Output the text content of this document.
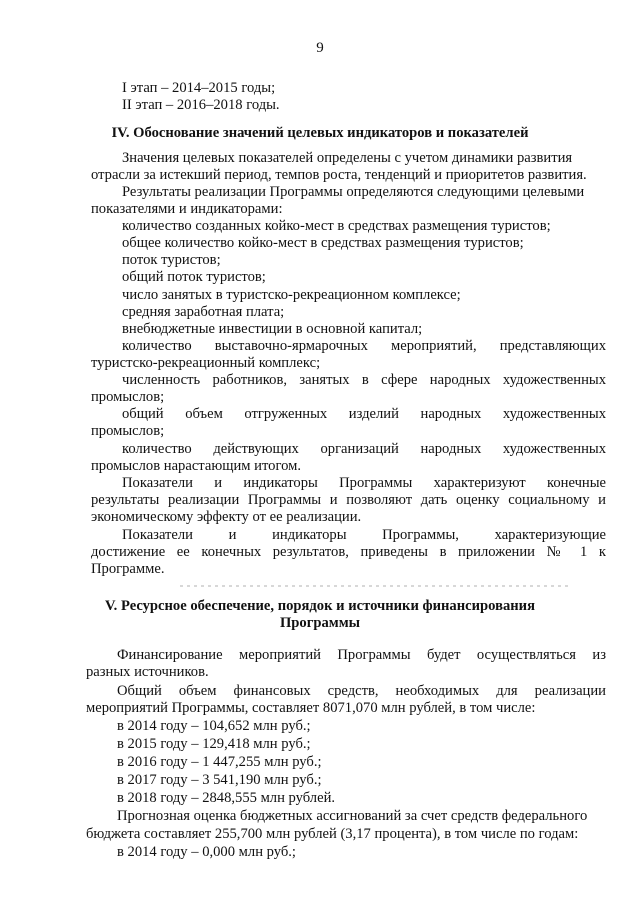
9
I этап – 2014–2015 годы;
II этап – 2016–2018 годы.
IV. Обоснование значений целевых индикаторов и показателей
Значения целевых показателей определены с учетом динамики развития
отрасли за истекший период, темпов роста, тенденций и приоритетов развития.
Результаты реализации Программы определяются следующими целевыми
показателями и индикаторами:
количество созданных койко-мест в средствах размещения туристов;
общее количество койко-мест в средствах размещения туристов;
поток туристов;
общий поток туристов;
число занятых в туристско-рекреационном комплексе;
средняя заработная плата;
внебюджетные инвестиции в основной капитал;
количество выставочно-ярмарочных мероприятий, представляющих
туристско-рекреационный комплекс;
численность работников, занятых в сфере народных художественных
промыслов;
общий объем отгруженных изделий народных художественных
промыслов;
количество действующих организаций народных художественных
промыслов нарастающим итогом.
Показатели и индикаторы Программы характеризуют конечные
результаты реализации Программы и позволяют дать оценку социальному и
экономическому эффекту от ее реализации.
Показатели и индикаторы Программы, характеризующие
достижение ее конечных результатов, приведены в приложении № 1 к
Программе.
V. Ресурсное обеспечение, порядок и источники финансирования
Программы
Финансирование мероприятий Программы будет осуществляться из
разных источников.
Общий объем финансовых средств, необходимых для реализации
мероприятий Программы, составляет 8071,070 млн рублей, в том числе:
в 2014 году – 104,652 млн руб.;
в 2015 году – 129,418 млн руб.;
в 2016 году – 1 447,255 млн руб.;
в 2017 году – 3 541,190 млн руб.;
в 2018 году – 2848,555 млн рублей.
Прогнозная оценка бюджетных ассигнований за счет средств федерального
бюджета составляет 255,700 млн рублей (3,17 процента), в том числе по годам:
в 2014 году – 0,000 млн руб.;
